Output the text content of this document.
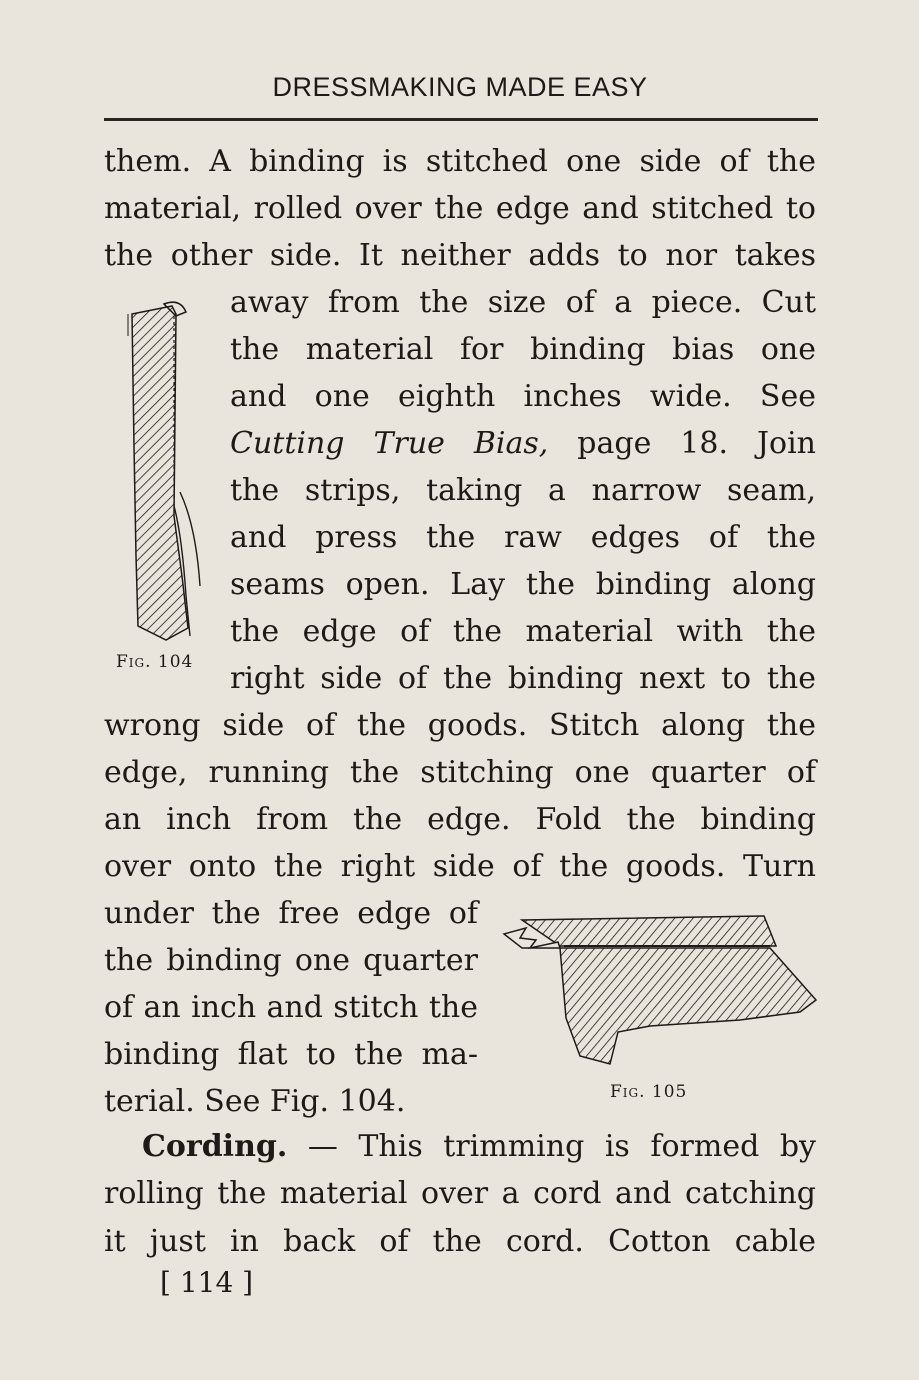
DRESSMAKING MADE EASY
them. A binding is stitched one side of the
material, rolled over the edge and stitched to
the other side. It neither adds to nor takes
away from the size of a piece. Cut
the material for binding bias one
and one eighth inches wide. See
Cutting True Bias, page 18. Join
the strips, taking a narrow seam,
and press the raw edges of the
seams open. Lay the binding along
the edge of the material with the
right side of the binding next to the
wrong side of the goods. Stitch along the
edge, running the stitching one quarter of
an inch from the edge. Fold the binding
over onto the right side of the goods. Turn
under the free edge of
the binding one quarter
of an inch and stitch the
binding flat to the ma-
terial. See Fig. 104.
Cording. — This trimming is formed by
rolling the material over a cord and catching
it just in back of the cord. Cotton cable
Fig. 104
Fig. 105
[ 114 ]
